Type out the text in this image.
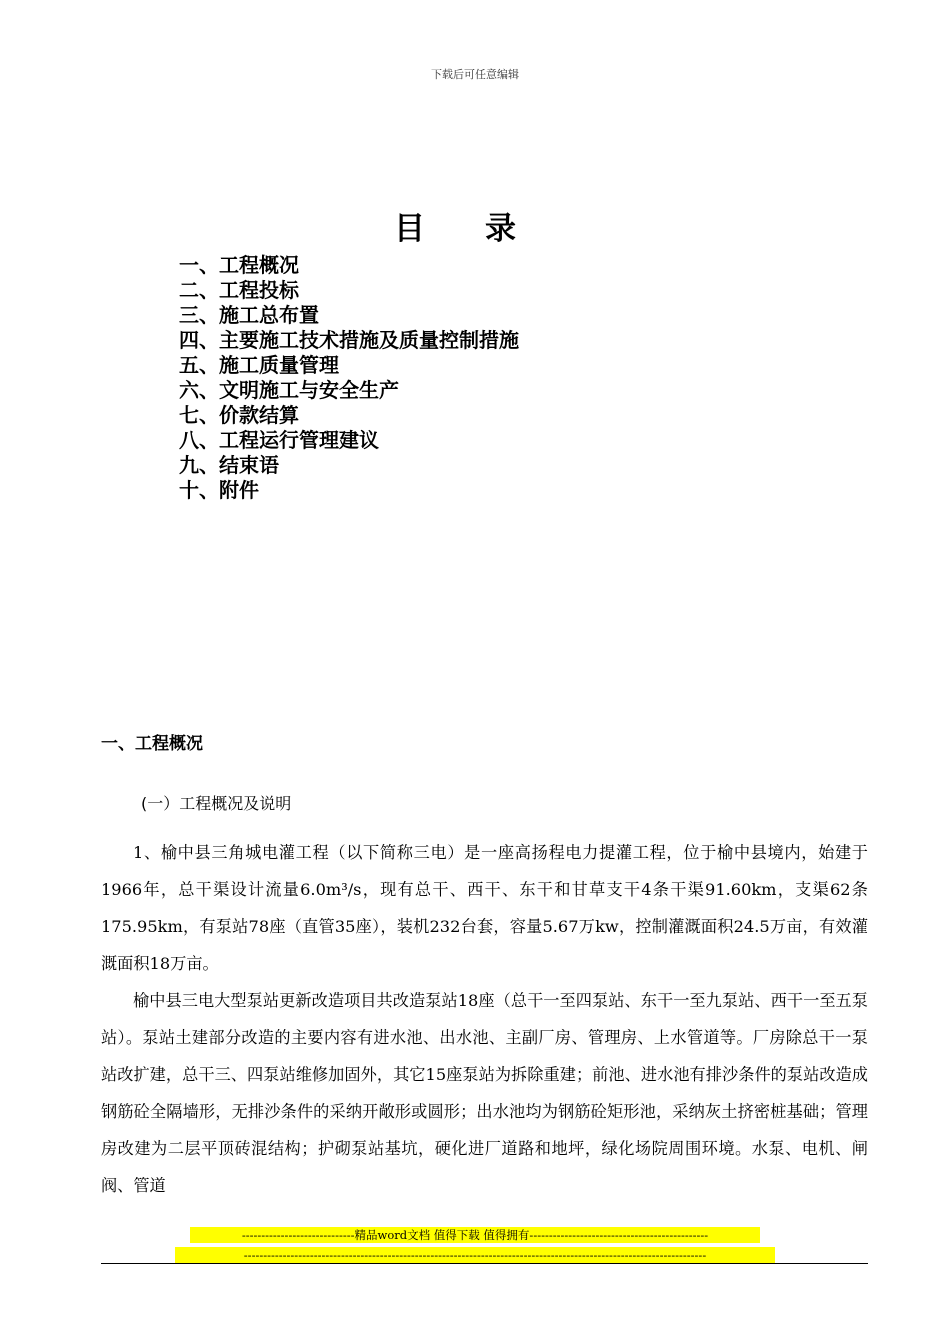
下载后可任意编辑
目录
一、工程概况
二、工程投标
三、施工总布置
四、主要施工技术措施及质量控制措施
五、施工质量管理
六、文明施工与安全生产
七、价款结算
八、工程运行管理建议
九、结束语
十、附件
一、工程概况
(一）工程概况及说明

1、榆中县三角城电灌工程（以下简称三电）是一座高扬程电力提灌工程，位于榆中县境内，始建于1966年，总干渠设计流量6.0m³/s，现有总干、西干、东干和甘草支干4条干渠91.60km，支渠62条175.95km，有泵站78座（直管35座），装机232台套，容量5.67万kw，控制灌溉面积24.5万亩，有效灌溉面积18万亩。

榆中县三电大型泵站更新改造项目共改造泵站18座（总干一至四泵站、东干一至九泵站、西干一至五泵站）。泵站土建部分改造的主要内容有进水池、出水池、主副厂房、管理房、上水管道等。厂房除总干一泵站改扩建，总干三、四泵站维修加固外，其它15座泵站为拆除重建；前池、进水池有排沙条件的泵站改造成钢筋砼全隔墙形，无排沙条件的采纳开敞形或圆形；出水池均为钢筋砼矩形池，采纳灰土挤密桩基础；管理房改建为二层平顶砖混结构；护砌泵站基坑，硬化进厂道路和地坪，绿化场院周围环境。水泵、电机、闸阀、管道

-----------------------------精品word文档 值得下载 值得拥有----------------------------------------------
-----------------------------------------------------------------------------------------------------------------------
